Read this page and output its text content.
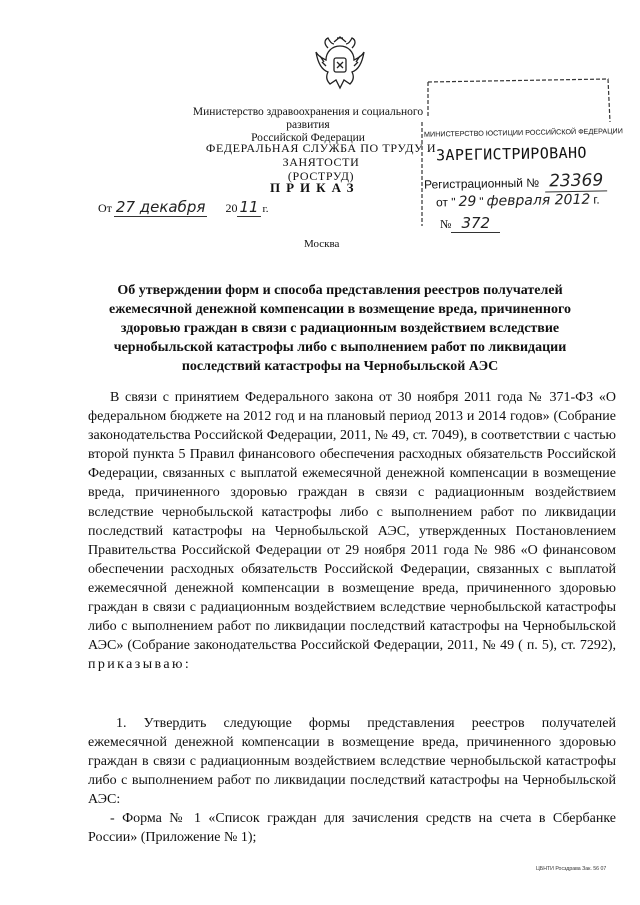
Министерство здравоохранения и социального развития
Российской Федерации
ФЕДЕРАЛЬНАЯ СЛУЖБА ПО ТРУДУ И ЗАНЯТОСТИ
(РОСТРУД)
ПРИКАЗ
От 27 декабря 20 11 г.
№ 372
Москва
МИНИСТЕРСТВО ЮСТИЦИИ РОССИЙСКОЙ ФЕДЕРАЦИИ
ЗАРЕГИСТРИРОВАНО
Регистрационный № 23369
от " 29 " февраля 2012 г.
Об утверждении форм и способа представления реестров получателей
ежемесячной денежной компенсации в возмещение вреда, причиненного
здоровью граждан в связи с радиационным воздействием вследствие
чернобыльской катастрофы либо с выполнением работ по ликвидации
последствий катастрофы на Чернобыльской АЭС
В связи с принятием Федерального закона от 30 ноября 2011 года № 371-ФЗ «О федеральном бюджете на 2012 год и на плановый период 2013 и 2014 годов» (Собрание законодательства Российской Федерации, 2011, № 49, ст. 7049), в соответствии с частью второй пункта 5 Правил финансового обеспечения расходных обязательств Российской Федерации, связанных с выплатой ежемесячной денежной компенсации в возмещение вреда, причиненного здоровью граждан в связи с радиационным воздействием вследствие чернобыльской катастрофы либо с выполнением работ по ликвидации последствий катастрофы на Чернобыльской АЭС, утвержденных Постановлением Правительства Российской Федерации от 29 ноября 2011 года № 986 «О финансовом обеспечении расходных обязательств Российской Федерации, связанных с выплатой ежемесячной денежной компенсации в возмещение вреда, причиненного здоровью граждан в связи с радиационным воздействием вследствие чернобыльской катастрофы либо с выполнением работ по ликвидации последствий катастрофы на Чернобыльской АЭС» (Собрание законодательства Российской Федерации, 2011, № 49 ( п. 5), ст. 7292), приказываю:
1. Утвердить следующие формы представления реестров получателей ежемесячной денежной компенсации в возмещение вреда, причиненного здоровью граждан в связи с радиационным воздействием вследствие чернобыльской катастрофы либо с выполнением работ по ликвидации последствий катастрофы на Чернобыльской АЭС:
- Форма № 1 «Список граждан для зачисления средств на счета в Сбербанке России» (Приложение № 1);
ЦБНТИ Росздрава Зак. 56 07
